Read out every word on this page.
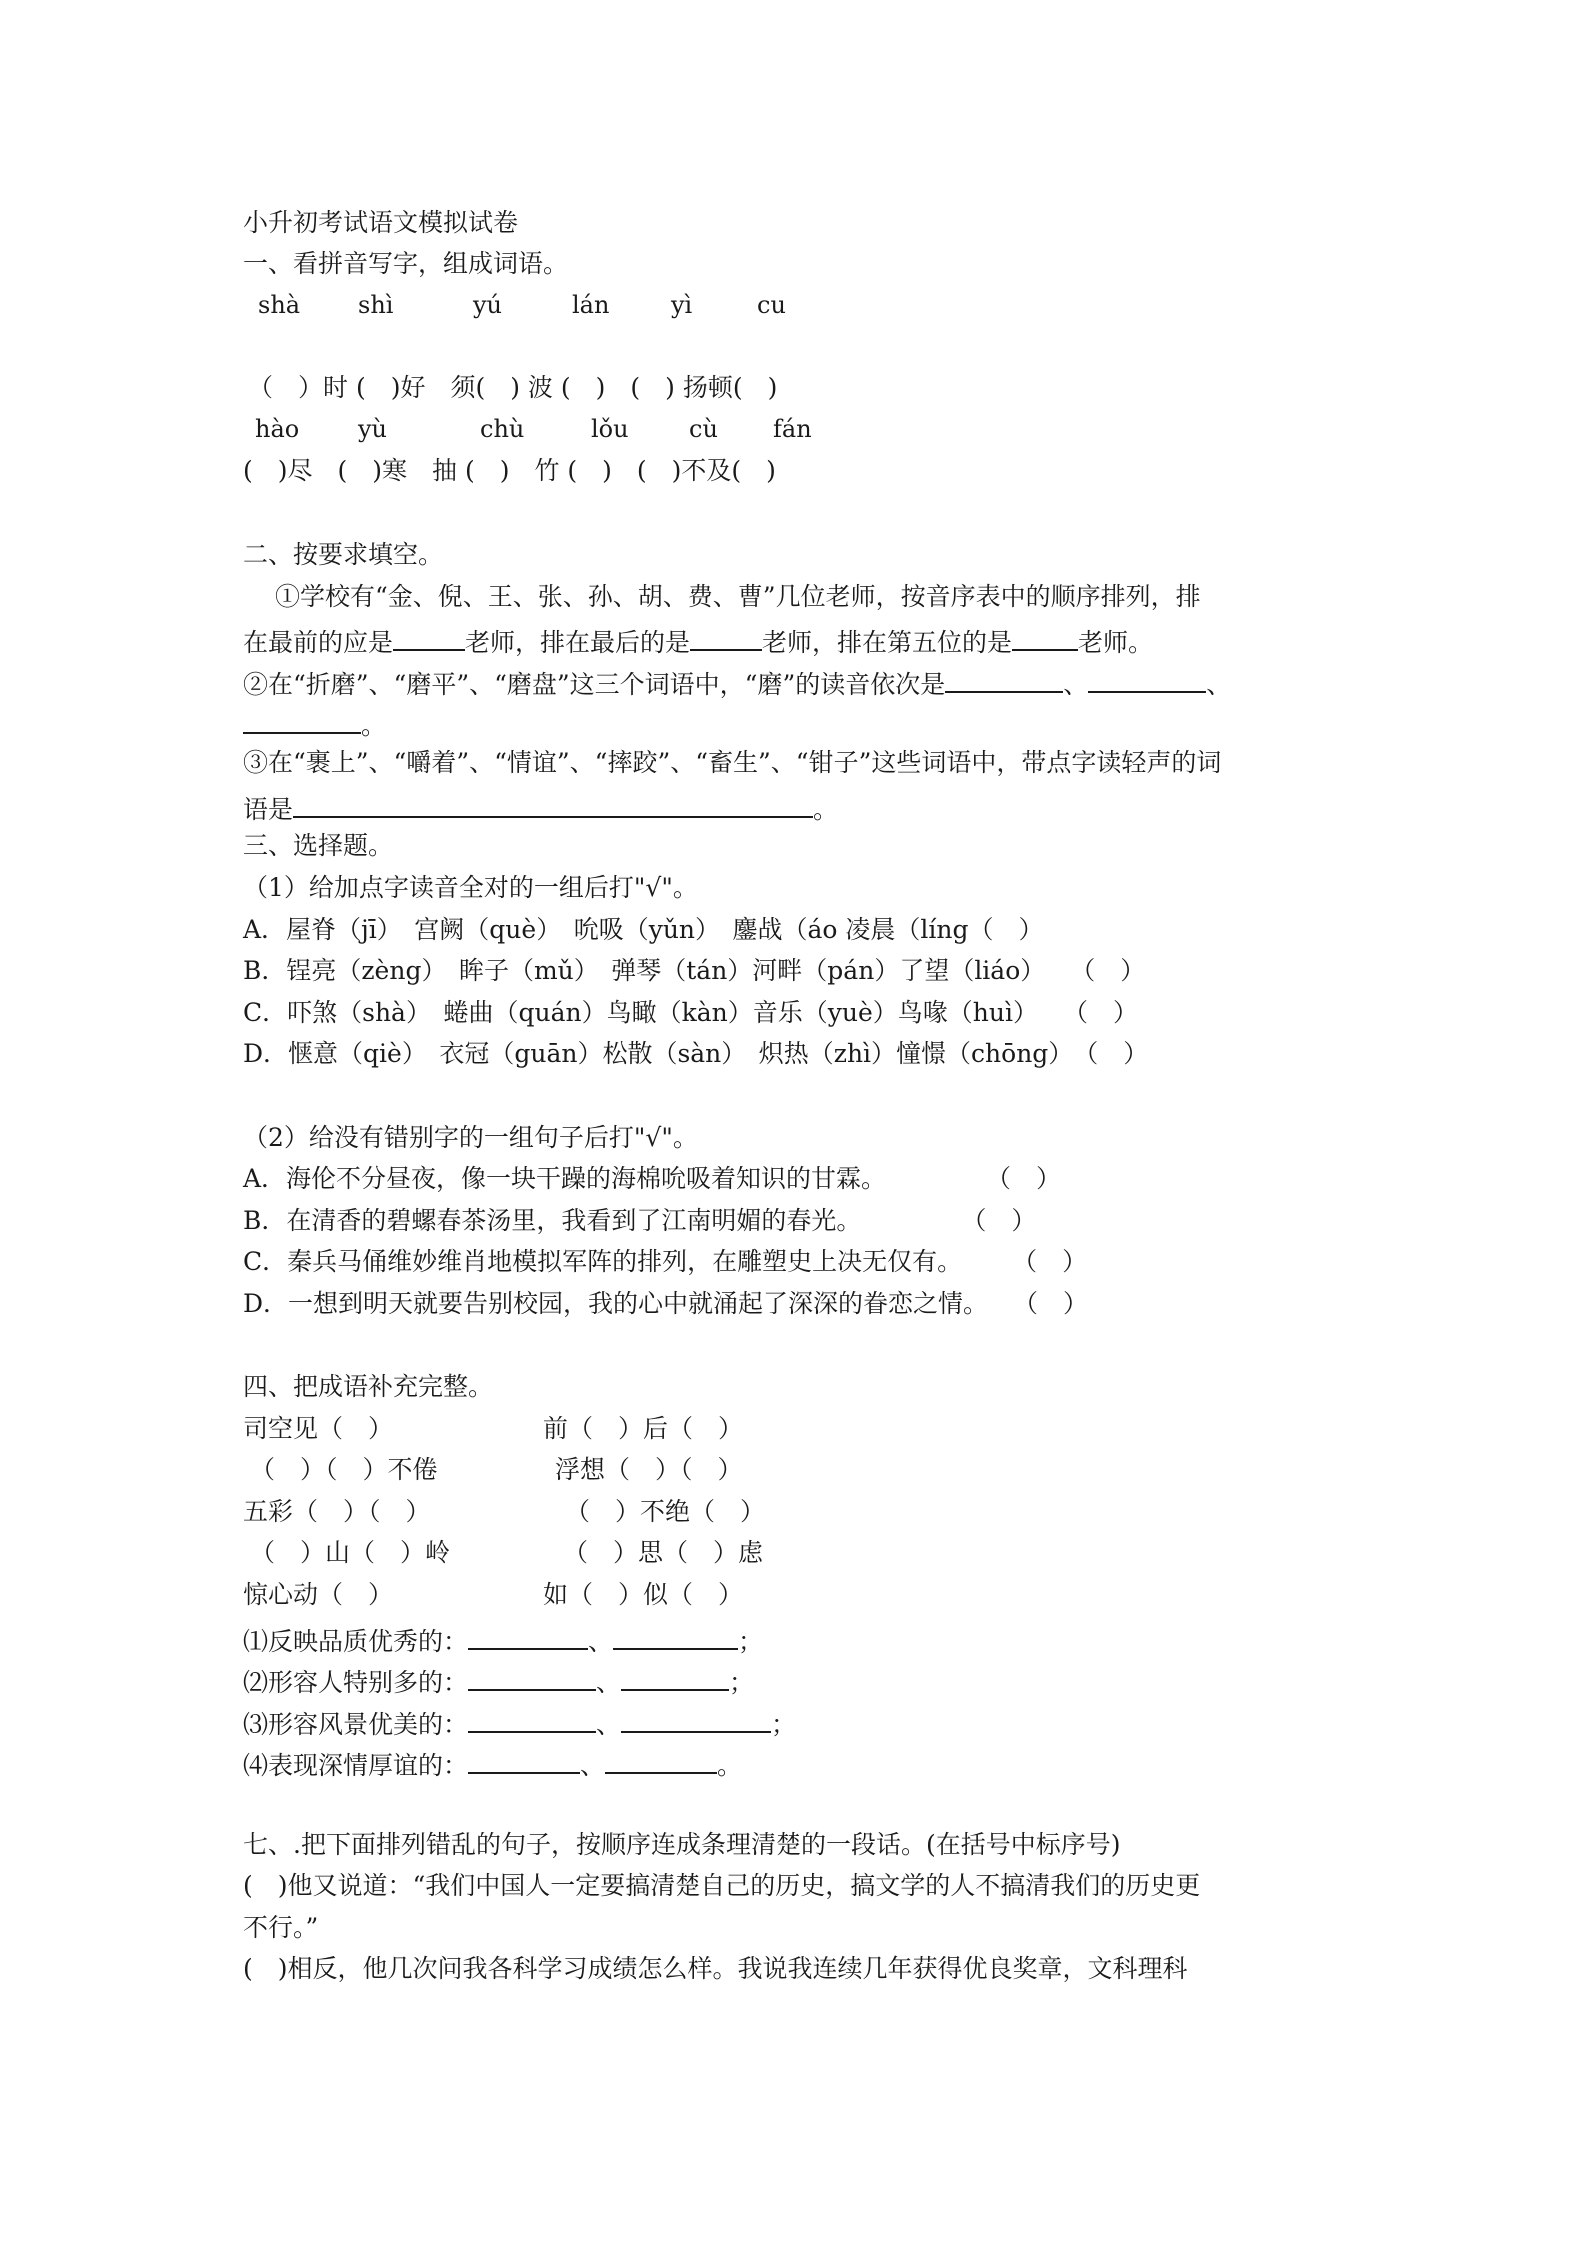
小升初考试语文模拟试卷
一、看拼音写字，组成词语。
shà shì	yú	lán	yì	cu
（　）时 (　)好　须(　) 波 (　)　(　) 扬顿(　)
hào yù	chù	lǒu	cù fán
(　)尽　(　)寒　抽 (　)　竹 (　)　(　)不及(　)
二、按要求填空。
①学校有“金、倪、王、张、孙、胡、费、曹”几位老师，按音序表中的顺序排列，排
在最前的应是	老师，排在最后的是	老师，排在第五位的是	老师。
②在“折磨”、“磨平”、“磨盘”这三个词语中，“磨”的读音依次是	、	、
。
③在“裹上”、“嚼着”、“情谊”、“摔跤”、“畜生”、“钳子”这些词语中，带点字读轻声的词
语是	。
三、选择题。
（1）给加点字读音全对的一组后打"√"。
A．屋脊（jī）　宫阙（què）　吮吸（yǔn）　鏖战（áo 凌晨（líng（　）
B．锃亮（zèng）　眸子（mǔ）　弹琴（tán）河畔（pán）了望（liáo）　　（　）
C．吓煞（shà）　蜷曲（quán）鸟瞰（kàn）音乐（yuè）鸟喙（huì）　　（　）
D．惬意（qiè）　衣冠（guān）松散（sàn）　炽热（zhì）憧憬（chōng）　（　）
（2）给没有错别字的一组句子后打"√"。
A．海伦不分昼夜，像一块干躁的海棉吮吸着知识的甘霖。　　　　　（　）
B．在清香的碧螺春茶汤里，我看到了江南明媚的春光。　　　　　（　）
C．秦兵马俑维妙维肖地模拟军阵的排列，在雕塑史上决无仅有。　　　（　）
D．一想到明天就要告别校园，我的心中就涌起了深深的眷恋之情。　　（　）
四、把成语补充完整。
司空见（　）	前（　）后（　）
（　）（　）不倦	浮想（　）（　）
五彩（　）（　）	（　）不绝（　）
（　）山（　）岭	（　）思（　）虑
惊心动（　）	如（　）似（　）
⑴反映品质优秀的：	、	；
⑵形容人特别多的：	、	；
⑶形容风景优美的：	、	；
⑷表现深情厚谊的：	、	。
七、.把下面排列错乱的句子，按顺序连成条理清楚的一段话。(在括号中标序号)
(　)他又说道：“我们中国人一定要搞清楚自己的历史，搞文学的人不搞清我们的历史更
不行。”
(　)相反，他几次问我各科学习成绩怎么样。我说我连续几年获得优良奖章，文科理科
